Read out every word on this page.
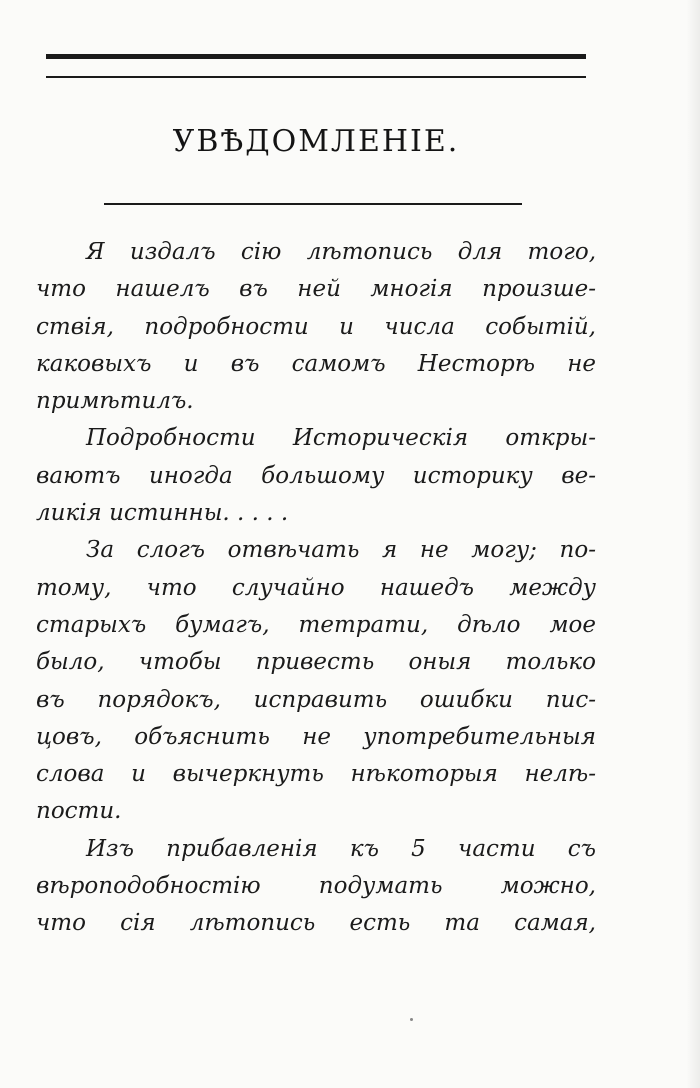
УВѢДОМЛЕНІЕ.
Я издалъ сію лѣтопись для того,
что нашелъ въ ней многія произше-
ствія, подробности и числа событій,
каковыхъ и въ самомъ Несторѣ не
примѣтилъ.
Подробности Историческія откры-
ваютъ иногда большому историку ве-
ликія истинны. . . . .
За слогъ отвѣчать я не могу; по-
тому, что случайно нашедъ между
старыхъ бумагъ, тетрати, дѣло мое
было, чтобы привесть оныя только
въ порядокъ, исправить ошибки пис-
цовъ, объяснить не употребительныя
слова и вычеркнуть нѣкоторыя нелѣ-
пости.
Изъ прибавленія къ 5 части съ
вѣроподобностію подумать можно,
что сія лѣтопись есть та самая,
